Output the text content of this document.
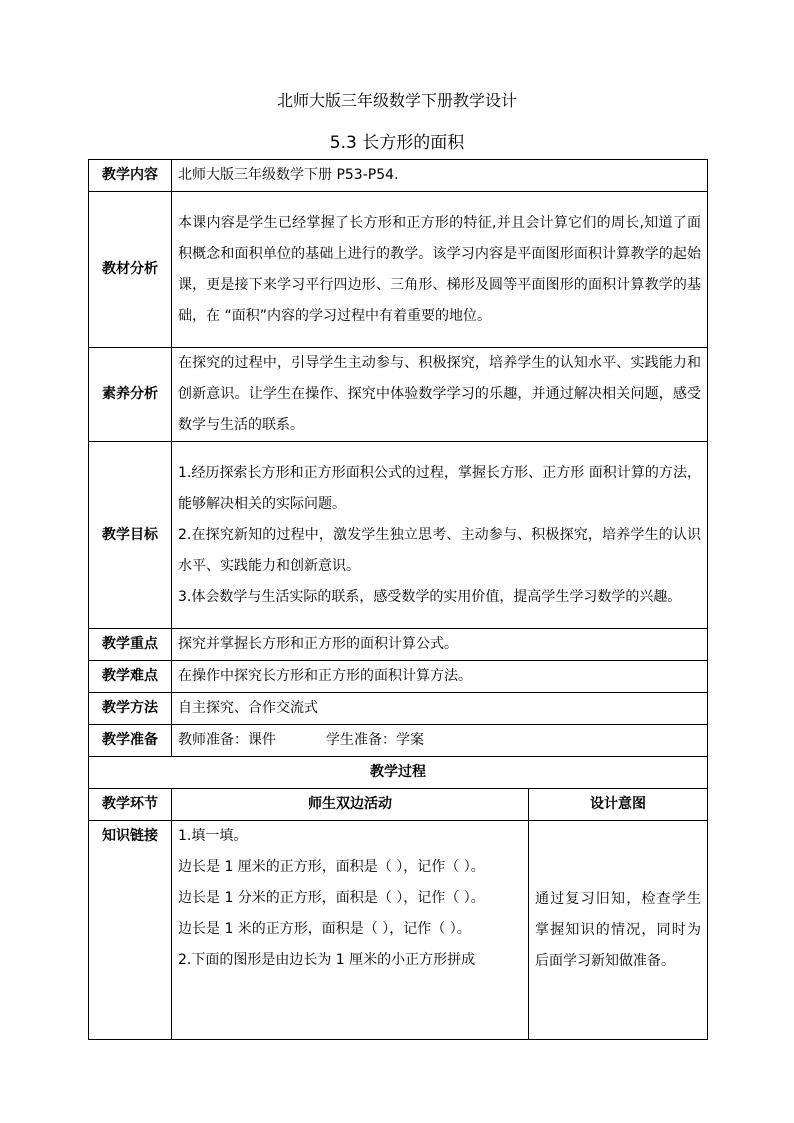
北师大版三年级数学下册教学设计
5.3 长方形的面积
教学内容	北师大版三年级数学下册 P53-P54.	
教材分析	本课内容是学生已经掌握了长方形和正方形的特征,并且会计算它们的周长,知道了面积概念和面积单位的基础上进行的教学。该学习内容是平面图形面积计算教学的起始课，更是接下来学习平行四边形、三角形、梯形及圆等平面图形的面积计算教学的基础，在 “面积”内容的学习过程中有着重要的地位。	
素养分析	在探究的过程中，引导学生主动参与、积极探究，培养学生的认知水平、实践能力和创新意识。让学生在操作、探究中体验数学学习的乐趣，并通过解决相关问题，感受数学与生活的联系。	
教学目标	1.经历探索长方形和正方形面积公式的过程，掌握长方形、正方形 面积计算的方法，能够解决相关的实际问题。
2.在探究新知的过程中，激发学生独立思考、主动参与、积极探究，培养学生的认识水平、实践能力和创新意识。
3.体会数学与生活实际的联系，感受数学的实用价值，提高学生学习数学的兴趣。	

教学重点	探究并掌握长方形和正方形的面积计算公式。	
教学难点	在操作中探究长方形和正方形的面积计算方法。	
教学方法	自主探究、合作交流式	
教学准备	教师准备：课件 学生准备：学案	
教学过程		
教学环节	师生双边活动	设计意图
知识链接	1.填一填。
边长是 1 厘米的正方形，面积是（ ），记作（ ）。
边长是 1 分米的正方形，面积是（ ），记作（ ）。
边长是 1 米的正方形，面积是（ ），记作（ ）。
2.下面的图形是由边长为 1 厘米的小正方形拼成	通过复习旧知，检查学生掌握知识的情况，同时为后面学习新知做准备。
